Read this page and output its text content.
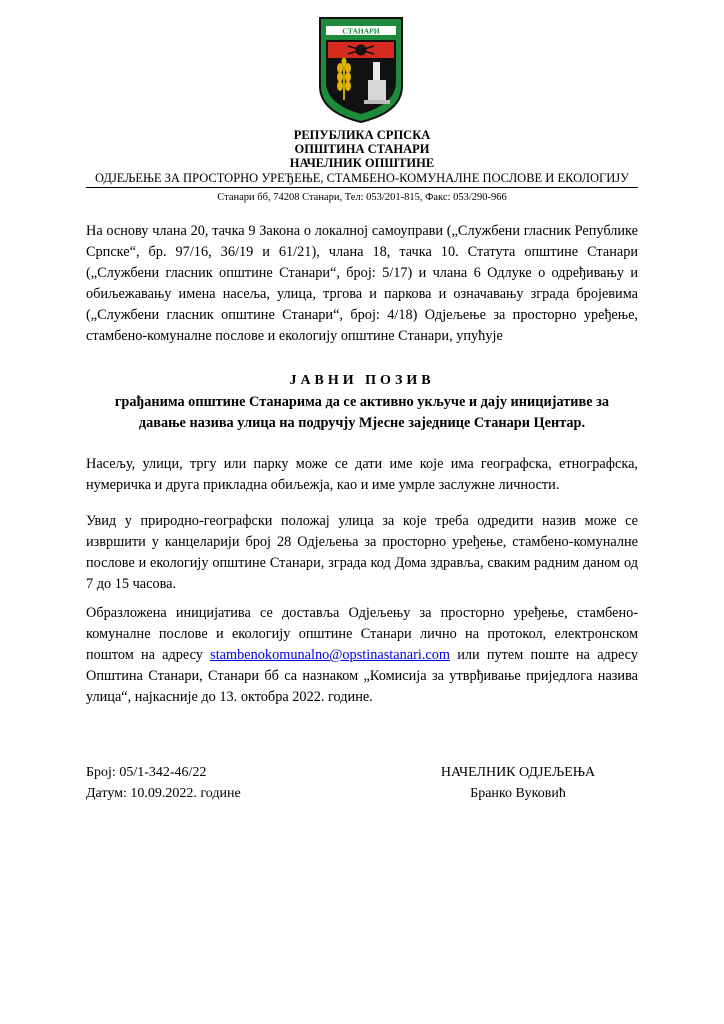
СТАНАРИ
РЕПУБЛИКА СРПСКА
ОПШТИНА СТАНАРИ
НАЧЕЛНИК ОПШТИНЕ
ОДЈЕЉЕЊЕ ЗА ПРОСТОРНО УРЕЂЕЊЕ, СТАМБЕНО-КОМУНАЛНЕ ПОСЛОВЕ И ЕКОЛОГИЈУ
Станари бб, 74208 Станари, Тел: 053/201-815, Факс: 053/290-966
На основу члана 20, тачка 9 Закона о локалној самоуправи („Службени гласник Републике Српске“, бр. 97/16, 36/19 и 61/21), члана 18, тачка 10. Статута општине Станари („Службени гласник општине Станари“, број: 5/17) и члана 6 Одлуке о одређивању и обиљежавању имена насеља, улица, тргова и паркова и означавању зграда бројевима („Службени гласник општине Станари“, број: 4/18) Одјељење за просторно уређење, стамбено-комуналне послове и екологију општине Станари, упућује
ЈАВНИ ПОЗИВ
грађанима општине Станарима да се активно укључе и дају иницијативе за давање назива улица на подручју Мјесне заједнице Станари Центар.
Насељу, улици, тргу или парку може се дати име које има географска, етнографска, нумеричка и друга прикладна обиљежја, као и име умрле заслужне личности.
Увид у природно-географски положај улица за које треба одредити назив може се извршити у канцеларији број 28 Одјељења за просторно уређење, стамбено-комуналне послове и екологију општине Станари, зграда код Дома здравља, сваким радним даном од 7 до 15 часова.
Образложена иницијатива се доставља Одјељењу за просторно уређење, стамбено-комуналне послове и екологију општине Станари лично на протокол, електронском поштом на адресу stambenokomunalno@opstinastanari.com или путем поште на адресу Општина Станари, Станари бб са назнаком „Комисија за утврђивање приједлога назива улица“, најкасније до 13. октобра 2022. године.
Број: 05/1-342-46/22
Датум: 10.09.2022. године
НАЧЕЛНИК ОДЈЕЉЕЊА
Бранко Вуковић
